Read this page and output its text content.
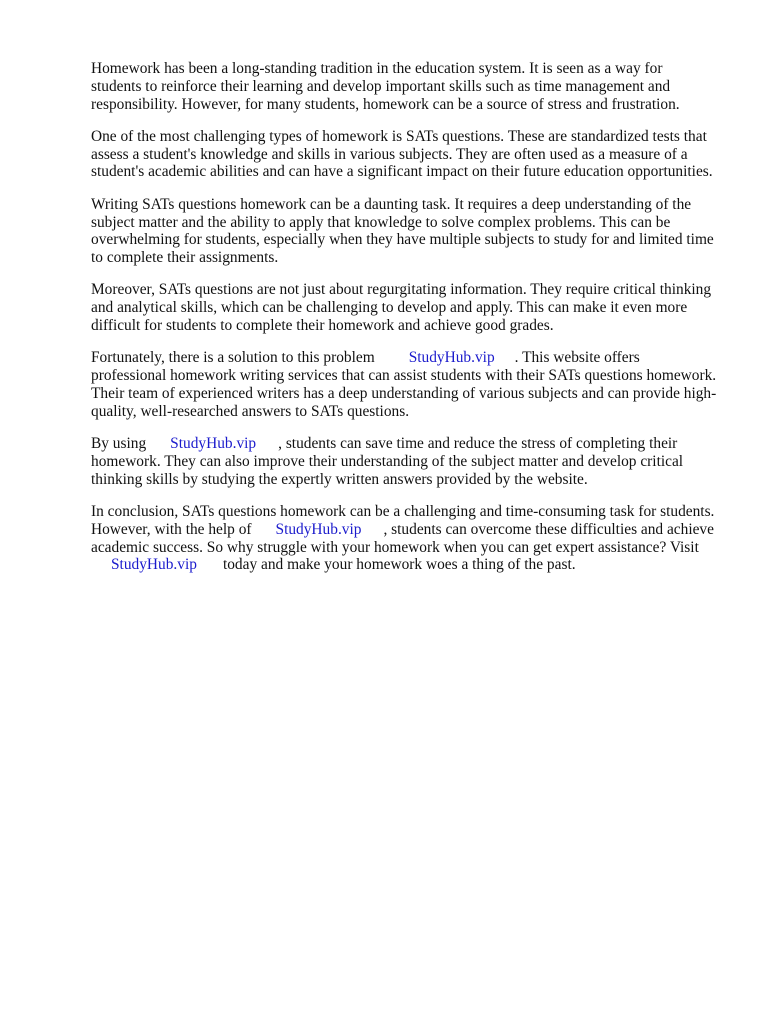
Homework has been a long-standing tradition in the education system. It is seen as a way for
students to reinforce their learning and develop important skills such as time management and
responsibility. However, for many students, homework can be a source of stress and frustration.

One of the most challenging types of homework is SATs questions. These are standardized tests that
assess a student's knowledge and skills in various subjects. They are often used as a measure of a
student's academic abilities and can have a significant impact on their future education opportunities.

Writing SATs questions homework can be a daunting task. It requires a deep understanding of the
subject matter and the ability to apply that knowledge to solve complex problems. This can be
overwhelming for students, especially when they have multiple subjects to study for and limited time
to complete their assignments.

Moreover, SATs questions are not just about regurgitating information. They require critical thinking
and analytical skills, which can be challenging to develop and apply. This can make it even more
difficult for students to complete their homework and achieve good grades.

Fortunately, there is a solution to this problem StudyHub.vip . This website offers
professional homework writing services that can assist students with their SATs questions homework.
Their team of experienced writers has a deep understanding of various subjects and can provide high-
quality, well-researched answers to SATs questions.

By using StudyHub.vip , students can save time and reduce the stress of completing their
homework. They can also improve their understanding of the subject matter and develop critical
thinking skills by studying the expertly written answers provided by the website.

In conclusion, SATs questions homework can be a challenging and time-consuming task for students.
However, with the help of StudyHub.vip , students can overcome these difficulties and achieve
academic success. So why struggle with your homework when you can get expert assistance? Visit
StudyHub.vip today and make your homework woes a thing of the past.
